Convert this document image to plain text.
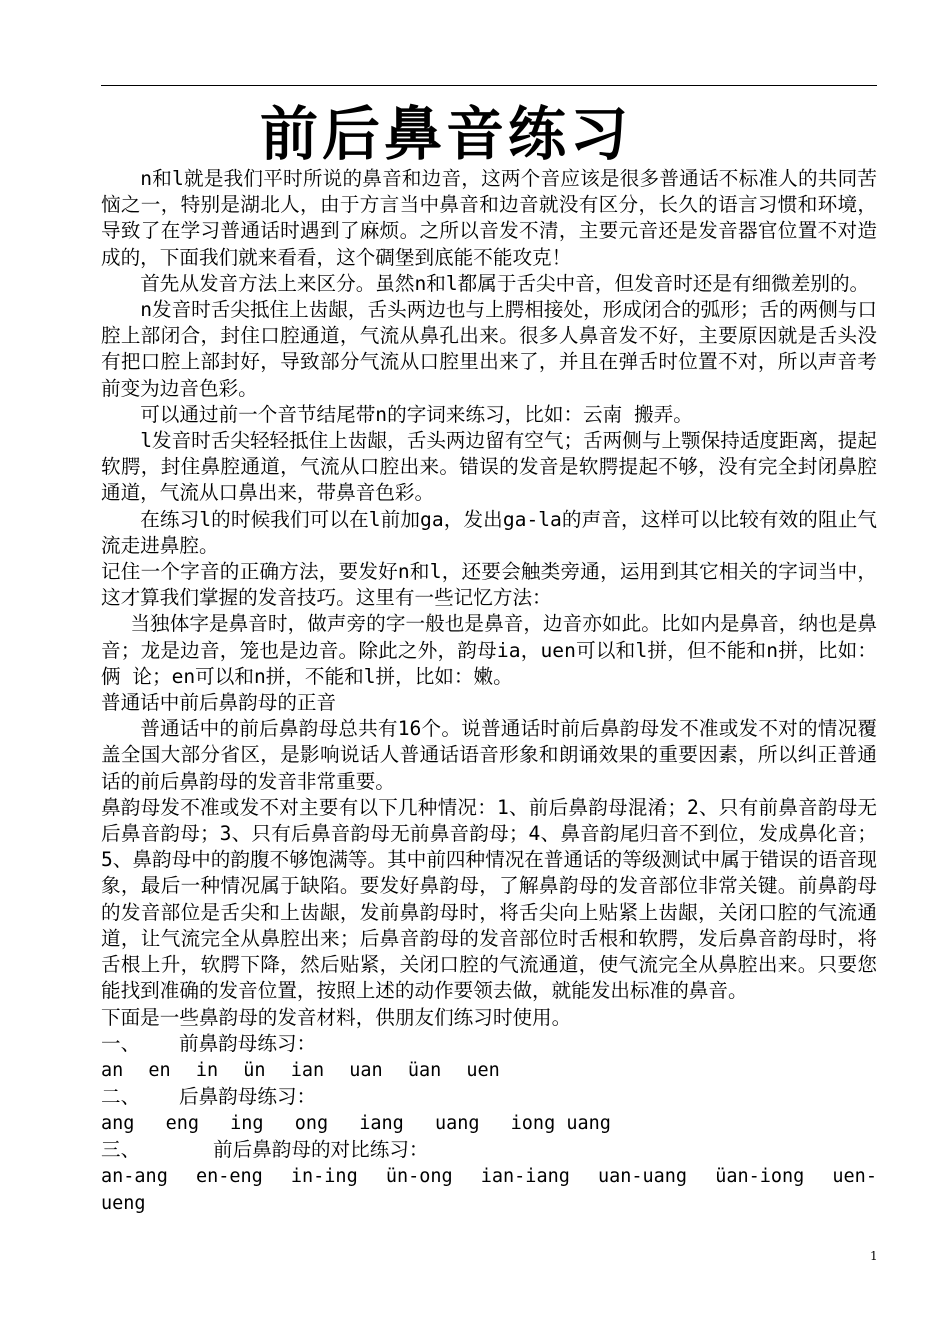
前后鼻音练习

n和l就是我们平时所说的鼻音和边音，这两个音应该是很多普通话不标准人的共同苦恼之一，特别是湖北人，由于方言当中鼻音和边音就没有区分，长久的语言习惯和环境，导致了在学习普通话时遇到了麻烦。之所以音发不清，主要元音还是发音器官位置不对造成的，下面我们就来看看，这个碉堡到底能不能攻克！

首先从发音方法上来区分。虽然n和l都属于舌尖中音，但发音时还是有细微差别的。

n发音时舌尖抵住上齿龈，舌头两边也与上腭相接处，形成闭合的弧形；舌的两侧与口腔上部闭合，封住口腔通道，气流从鼻孔出来。很多人鼻音发不好，主要原因就是舌头没有把口腔上部封好，导致部分气流从口腔里出来了，并且在弹舌时位置不对，所以声音考前变为边音色彩。

可以通过前一个音节结尾带n的字词来练习，比如：云南 搬弄。

l发音时舌尖轻轻抵住上齿龈，舌头两边留有空气；舌两侧与上颚保持适度距离，提起软腭，封住鼻腔通道，气流从口腔出来。错误的发音是软腭提起不够，没有完全封闭鼻腔通道，气流从口鼻出来，带鼻音色彩。

在练习l的时候我们可以在l前加ga，发出ga-la的声音，这样可以比较有效的阻止气流走进鼻腔。

记住一个字音的正确方法，要发好n和l，还要会触类旁通，运用到其它相关的字词当中，这才算我们掌握的发音技巧。这里有一些记忆方法：

当独体字是鼻音时，做声旁的字一般也是鼻音，边音亦如此。比如内是鼻音，纳也是鼻音；龙是边音，笼也是边音。除此之外，韵母ia，uen可以和l拼，但不能和n拼，比如：俩 论；en可以和n拼，不能和l拼，比如：嫩。

普通话中前后鼻韵母的正音

普通话中的前后鼻韵母总共有16个。说普通话时前后鼻韵母发不准或发不对的情况覆盖全国大部分省区，是影响说话人普通话语音形象和朗诵效果的重要因素，所以纠正普通话的前后鼻韵母的发音非常重要。

鼻韵母发不准或发不对主要有以下几种情况：1、前后鼻韵母混淆；2、只有前鼻音韵母无后鼻音韵母；3、只有后鼻音韵母无前鼻音韵母；4、鼻音韵尾归音不到位，发成鼻化音；5、鼻韵母中的韵腹不够饱满等。其中前四种情况在普通话的等级测试中属于错误的语音现象，最后一种情况属于缺陷。要发好鼻韵母，了解鼻韵母的发音部位非常关键。前鼻韵母的发音部位是舌尖和上齿龈，发前鼻韵母时，将舌尖向上贴紧上齿龈，关闭口腔的气流通道，让气流完全从鼻腔出来；后鼻音韵母的发音部位时舌根和软腭，发后鼻音韵母时，将舌根上升，软腭下降，然后贴紧，关闭口腔的气流通道，使气流完全从鼻腔出来。只要您能找到准确的发音位置，按照上述的动作要领去做，就能发出标准的鼻音。

下面是一些鼻韵母的发音材料，供朋友们练习时使用。

一、 前鼻韵母练习：

an en in ün ian uan üan uen

二、 后鼻韵母练习：

ang eng ing ong iang uang iong uang

三、	前后鼻韵母的对比练习：

an-ang en-eng in-ing ün-ong ian-iang uan-uang üan-iong uen-

ueng

1
